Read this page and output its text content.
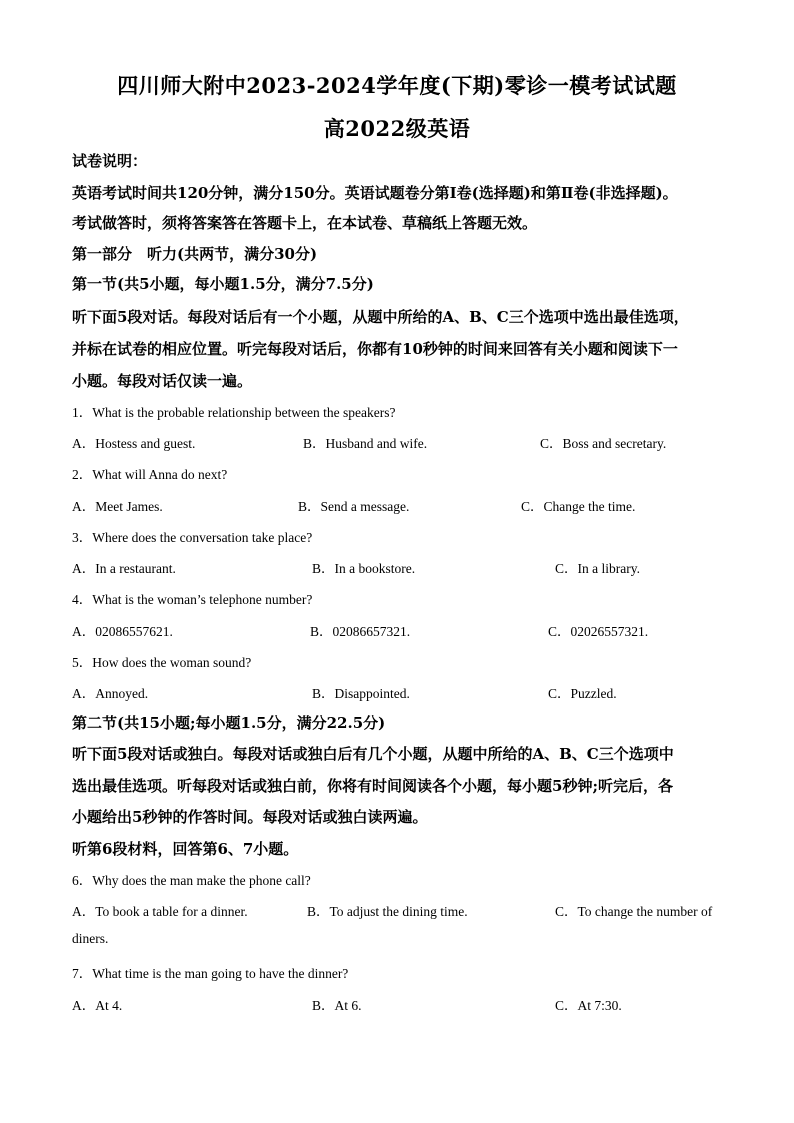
四川师大附中2023-2024学年度(下期)零诊一模考试试题
高2022级英语
试卷说明：
英语考试时间共120分钟，满分150分。英语试题卷分第Ⅰ卷(选择题)和第Ⅱ卷(非选择题)。
考试做答时，须将答案答在答题卡上，在本试卷、草稿纸上答题无效。
第一部分　听力(共两节，满分30分)
第一节(共5小题，每小题1.5分，满分7.5分)
听下面5段对话。每段对话后有一个小题，从题中所给的A、B、C三个选项中选出最佳选项，
并标在试卷的相应位置。听完每段对话后，你都有10秒钟的时间来回答有关小题和阅读下一
小题。每段对话仅读一遍。
1．What is the probable relationship between the speakers?
A．Hostess and guest.	B．Husband and wife.	C．Boss and secretary.
2．What will Anna do next?
A．Meet James.	B．Send a message.	C．Change the time.
3．Where does the conversation take place?
A．In a restaurant.	B．In a bookstore.	C．In a library.
4．What is the woman’s telephone number?
A．02086557621.	B．02086657321.	C．02026557321.
5．How does the woman sound?
A．Annoyed.	B．Disappointed.	C．Puzzled.
第二节(共15小题;每小题1.5分，满分22.5分)
听下面5段对话或独白。每段对话或独白后有几个小题，从题中所给的A、B、C三个选项中
选出最佳选项。听每段对话或独白前，你将有时间阅读各个小题，每小题5秒钟;听完后，各
小题给出5秒钟的作答时间。每段对话或独白读两遍。
听第6段材料，回答第6、7小题。
6．Why does the man make the phone call?
A．To book a table for a dinner.	B．To adjust the dining time.	C．To change the number of
diners.
7．What time is the man going to have the dinner?
A．At 4.	B．At 6.	C．At 7:30.
